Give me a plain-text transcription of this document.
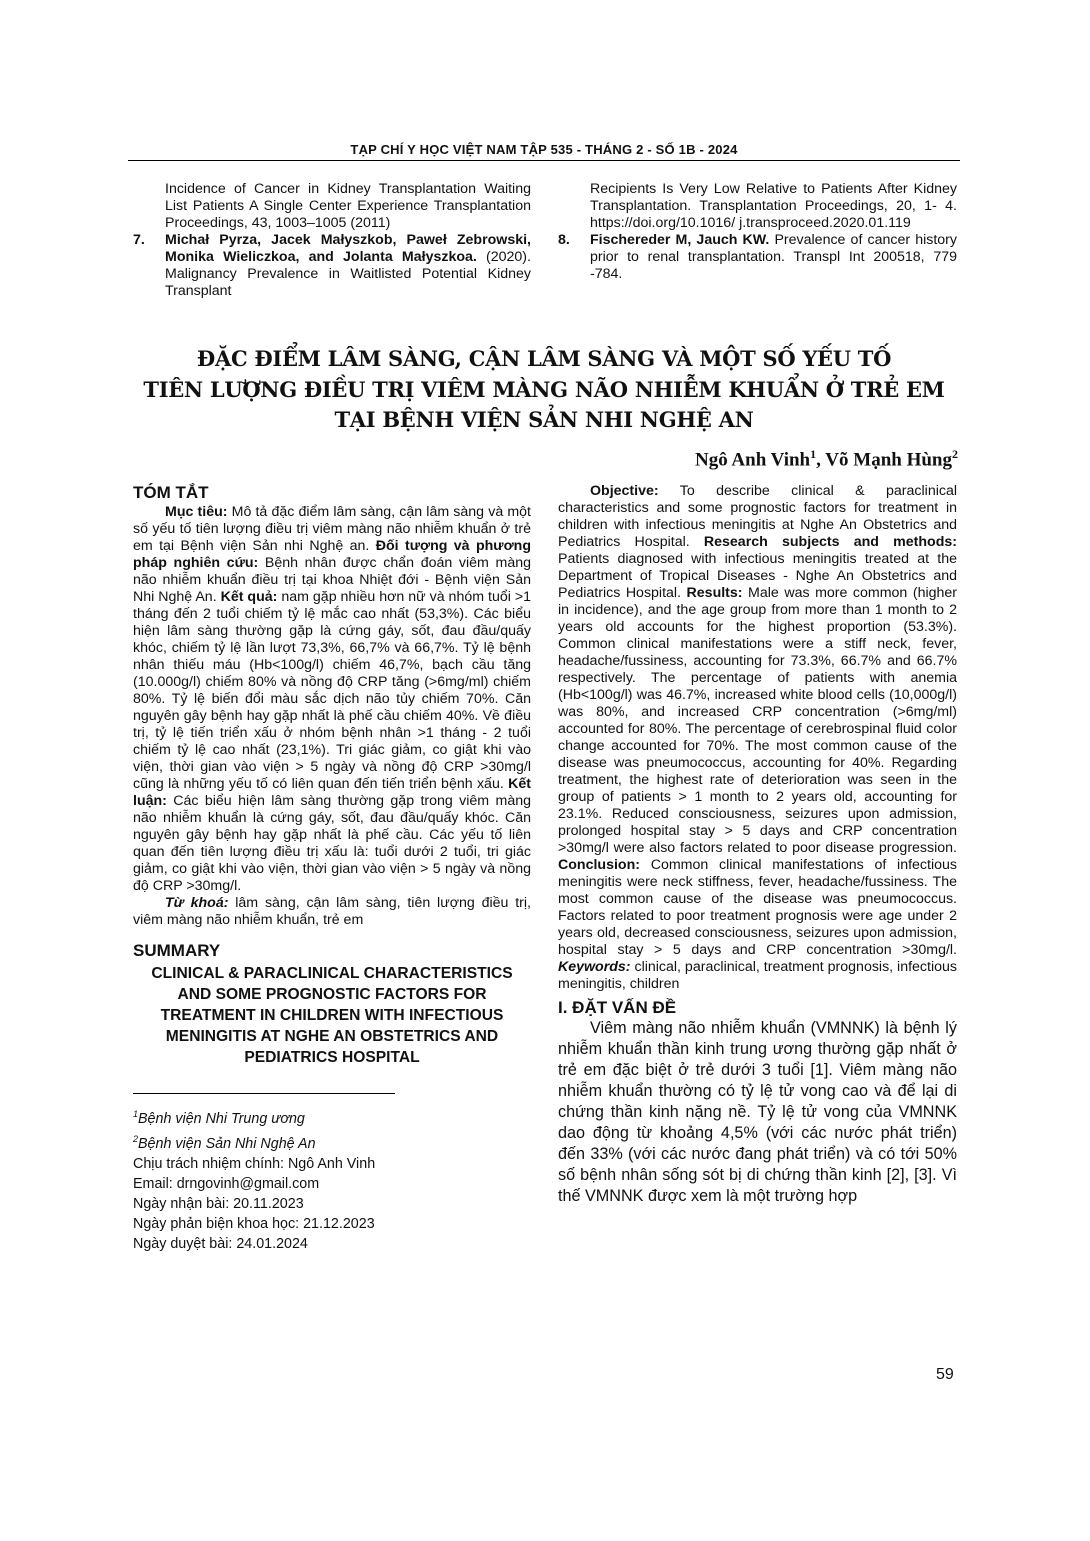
TẠP CHÍ Y HỌC VIỆT NAM TẬP 535 - THÁNG 2 - SỐ 1B - 2024
Incidence of Cancer in Kidney Transplantation Waiting List Patients A Single Center Experience Transplantation Proceedings, 43, 1003–1005 (2011)
7. Michał Pyrza, Jacek Małyszkob, Paweł Zebrowski, Monika Wieliczkoa, and Jolanta Małyszkoa. (2020). Malignancy Prevalence in Waitlisted Potential Kidney Transplant
Recipients Is Very Low Relative to Patients After Kidney Transplantation. Transplantation Proceedings, 20, 1- 4. https://doi.org/10.1016/ j.transproceed.2020.01.119
8. Fischereder M, Jauch KW. Prevalence of cancer history prior to renal transplantation. Transpl Int 200518, 779 -784.
ĐẶC ĐIỂM LÂM SÀNG, CẬN LÂM SÀNG VÀ MỘT SỐ YẾU TỐ
TIÊN LƯỢNG ĐIỀU TRỊ VIÊM MÀNG NÃO NHIỄM KHUẨN Ở TRẺ EM
TẠI BỆNH VIỆN SẢN NHI NGHỆ AN
Ngô Anh Vinh$^1$, Võ Mạnh Hùng$^2$
TÓM TẮT

Mục tiêu: Mô tả đặc điểm lâm sàng, cận lâm sàng và một số yếu tố tiên lượng điều trị viêm màng não nhiễm khuẩn ở trẻ em tại Bệnh viện Sản nhi Nghệ an. Đối tượng và phương pháp nghiên cứu: Bệnh nhân được chẩn đoán viêm màng não nhiễm khuẩn điều trị tại khoa Nhiệt đới - Bệnh viện Sản Nhi Nghệ An. Kết quả: nam gặp nhiều hơn nữ và nhóm tuổi >1 tháng đến 2 tuổi chiếm tỷ lệ mắc cao nhất (53,3%). Các biểu hiện lâm sàng thường gặp là cứng gáy, sốt, đau đầu/quấy khóc, chiếm tỷ lệ lần lượt 73,3%, 66,7% và 66,7%. Tỷ lệ bệnh nhân thiếu máu (Hb<100g/l) chiếm 46,7%, bạch cầu tăng (10.000g/l) chiếm 80% và nồng độ CRP tăng (>6mg/ml) chiếm 80%. Tỷ lệ biến đổi màu sắc dịch não tủy chiếm 70%. Căn nguyên gây bệnh hay gặp nhất là phế cầu chiếm 40%. Về điều trị, tỷ lệ tiến triển xấu ở nhóm bệnh nhân >1 tháng - 2 tuổi chiếm tỷ lệ cao nhất (23,1%). Tri giác giảm, co giật khi vào viện, thời gian vào viện > 5 ngày và nồng độ CRP >30mg/l cũng là những yếu tố có liên quan đến tiến triển bệnh xấu. Kết luận: Các biểu hiện lâm sàng thường gặp trong viêm màng não nhiễm khuẩn là cứng gáy, sốt, đau đầu/quấy khóc. Căn nguyên gây bệnh hay gặp nhất là phế cầu. Các yếu tố liên quan đến tiên lượng điều trị xấu là: tuổi dưới 2 tuổi, tri giác giảm, co giật khi vào viện, thời gian vào viện > 5 ngày và nồng độ CRP >30mg/l.

Từ khoá: lâm sàng, cận lâm sàng, tiên lượng điều trị, viêm màng não nhiễm khuẩn, trẻ em

SUMMARY
CLINICAL & PARACLINICAL CHARACTERISTICS AND SOME PROGNOSTIC FACTORS FOR TREATMENT IN CHILDREN WITH INFECTIOUS MENINGITIS AT NGHE AN OBSTETRICS AND PEDIATRICS HOSPITAL
$^1$Bệnh viện Nhi Trung ương
$^2$Bệnh viện Sản Nhi Nghệ An
Chịu trách nhiệm chính: Ngô Anh Vinh
Email: drngovinh@gmail.com
Ngày nhận bài: 20.11.2023
Ngày phản biện khoa học: 21.12.2023
Ngày duyệt bài: 24.01.2024

Objective: To describe clinical & paraclinical characteristics and some prognostic factors for treatment in children with infectious meningitis at Nghe An Obstetrics and Pediatrics Hospital. Research subjects and methods: Patients diagnosed with infectious meningitis treated at the Department of Tropical Diseases - Nghe An Obstetrics and Pediatrics Hospital. Results: Male was more common (higher in incidence), and the age group from more than 1 month to 2 years old accounts for the highest proportion (53.3%). Common clinical manifestations were a stiff neck, fever, headache/fussiness, accounting for 73.3%, 66.7% and 66.7% respectively. The percentage of patients with anemia (Hb<100g/l) was 46.7%, increased white blood cells (10,000g/l) was 80%, and increased CRP concentration (>6mg/ml) accounted for 80%. The percentage of cerebrospinal fluid color change accounted for 70%. The most common cause of the disease was pneumococcus, accounting for 40%. Regarding treatment, the highest rate of deterioration was seen in the group of patients > 1 month to 2 years old, accounting for 23.1%. Reduced consciousness, seizures upon admission, prolonged hospital stay > 5 days and CRP concentration >30mg/l were also factors related to poor disease progression. Conclusion: Common clinical manifestations of infectious meningitis were neck stiffness, fever, headache/fussiness. The most common cause of the disease was pneumococcus. Factors related to poor treatment prognosis were age under 2 years old, decreased consciousness, seizures upon admission, hospital stay > 5 days and CRP concentration >30mg/l. Keywords: clinical, paraclinical, treatment prognosis, infectious meningitis, children

I. ĐẶT VẤN ĐỀ

Viêm màng não nhiễm khuẩn (VMNNK) là bệnh lý nhiễm khuẩn thần kinh trung ương thường gặp nhất ở trẻ em đặc biệt ở trẻ dưới 3 tuổi [1]. Viêm màng não nhiễm khuẩn thường có tỷ lệ tử vong cao và để lại di chứng thần kinh nặng nề. Tỷ lệ tử vong của VMNNK dao động từ khoảng 4,5% (với các nước phát triển) đến 33% (với các nước đang phát triển) và có tới 50% số bệnh nhân sống sót bị di chứng thần kinh [2], [3]. Vì thế VMNNK được xem là một trường hợp

59
